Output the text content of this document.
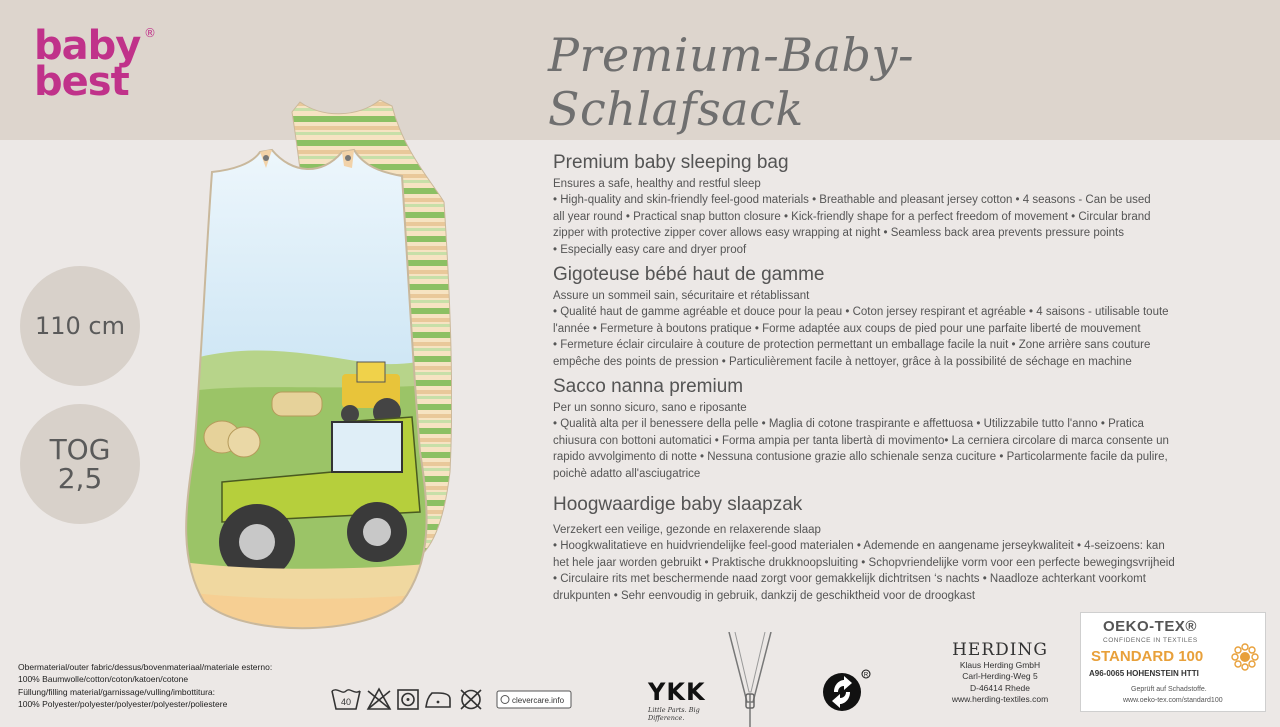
baby
best
®	Premium-Baby-Schlafsack
110 cm
TOG
2,5
Premium baby sleeping bag
Ensures a safe, healthy and restful sleep
• High-quality and skin-friendly feel-good materials • Breathable and pleasant jersey cotton • 4 seasons - Can be used
all year round • Practical snap button closure • Kick-friendly shape for a perfect freedom of movement • Circular brand
zipper with protective zipper cover allows easy wrapping at night • Seamless back area prevents pressure points
• Especially easy care and dryer proof
Gigoteuse bébé haut de gamme
Assure un sommeil sain, sécuritaire et rétablissant
• Qualité haut de gamme agréable et douce pour la peau • Coton jersey respirant et agréable • 4 saisons - utilisable toute
l'année • Fermeture à boutons pratique • Forme adaptée aux coups de pied pour une parfaite liberté de mouvement
• Fermeture éclair circulaire à couture de protection permettant un emballage facile la nuit • Zone arrière sans couture
empêche des points de pression • Particulièrement facile à nettoyer, grâce à la possibilité de séchage en machine
Sacco nanna premium
Per un sonno sicuro, sano e riposante
• Qualità alta per il benessere della pelle • Maglia di cotone traspirante e affettuosa • Utilizzabile tutto l'anno • Pratica
chiusura con bottoni automatici • Forma ampia per tanta libertà di movimento• La cerniera circolare di marca consente un
rapido avvolgimento di notte • Nessuna contusione grazie allo schienale senza cuciture • Particolarmente facile da pulire,
poichè adatto all'asciugatrice
Hoogwaardige baby slaapzak
Verzekert een veilige, gezonde en relaxerende slaap
• Hoogkwalitatieve en huidvriendelijke feel-good materialen • Ademende en aangename jerseykwaliteit • 4-seizoens: kan
het hele jaar worden gebruikt • Praktische drukknoopsluiting • Schopvriendelijke vorm voor een perfecte bewegingsvrijheid
• Circulaire rits met beschermende naad zorgt voor gemakkelijk dichtritsen ‘s nachts • Naadloze achterkant voorkomt
drukpunten • Sehr eenvoudig in gebruik, dankzij de geschiktheid voor de droogkast
Obermaterial/outer fabric/dessus/bovenmateriaal/materiale esterno:
100% Baumwolle/cotton/coton/katoen/cotone
Füllung/filling material/garnissage/vulling/imbottitura:
100% Polyester/polyester/polyester/polyester/poliestere	40	clevercare.info	YKK
Little Parts. Big Difference.
R
HERDING
Klaus Herding GmbH
Carl-Herding-Weg 5
D-46414 Rhede
www.herding-textiles.com
OEKO-TEX®
CONFIDENCE IN TEXTILES
STANDARD 100
A96-0065 HOHENSTEIN HTTI
Geprüft auf Schadstoffe.
www.oeko-tex.com/standard100
